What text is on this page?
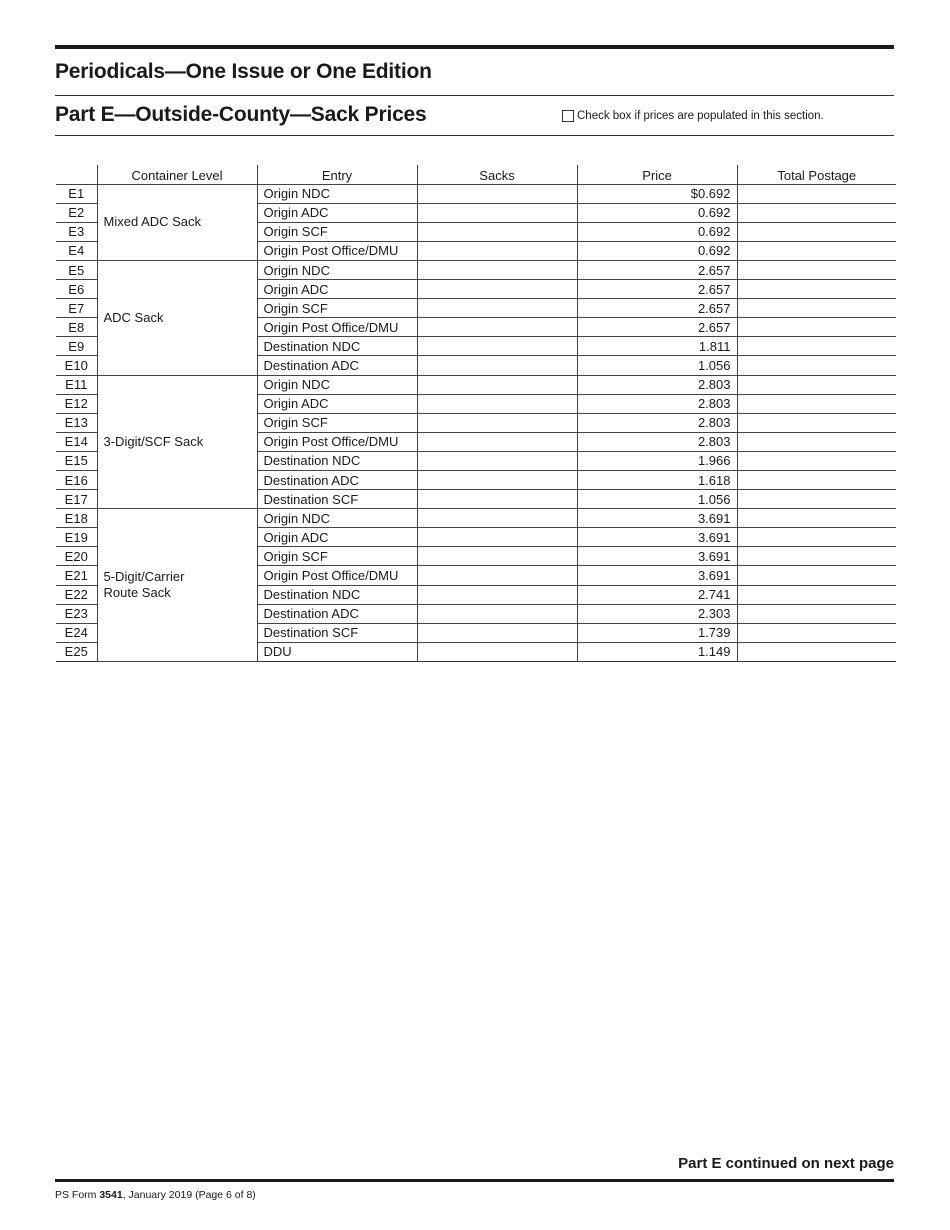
Periodicals—One Issue or One Edition
Part E—Outside-County—Sack Prices	Check box if prices are populated in this section.
	Container Level	Entry	Sacks	Price	Total Postage
E1	Mixed ADC Sack	Origin NDC		$0.692	
E2		Origin ADC		0.692	
E3		Origin SCF		0.692	
E4		Origin Post Office/DMU		0.692	
E5	ADC Sack	Origin NDC		2.657	
E6		Origin ADC		2.657	
E7		Origin SCF		2.657	
E8		Origin Post Office/DMU		2.657	
E9		Destination NDC		1.811	
E10		Destination ADC		1.056	
E11	3-Digit/SCF Sack	Origin NDC		2.803	
E12		Origin ADC		2.803	
E13		Origin SCF		2.803	
E14		Origin Post Office/DMU		2.803	
E15		Destination NDC		1.966	
E16		Destination ADC		1.618	
E17		Destination SCF		1.056	
E18	5-Digit/Carrier Route Sack	Origin NDC		3.691	
E19		Origin ADC		3.691	
E20		Origin SCF		3.691	
E21		Origin Post Office/DMU		3.691	
E22		Destination NDC		2.741	
E23		Destination ADC		2.303	
E24		Destination SCF		1.739	
E25		DDU		1.149	
Part E continued on next page
PS Form 3541, January 2019 (Page 6 of 8)
